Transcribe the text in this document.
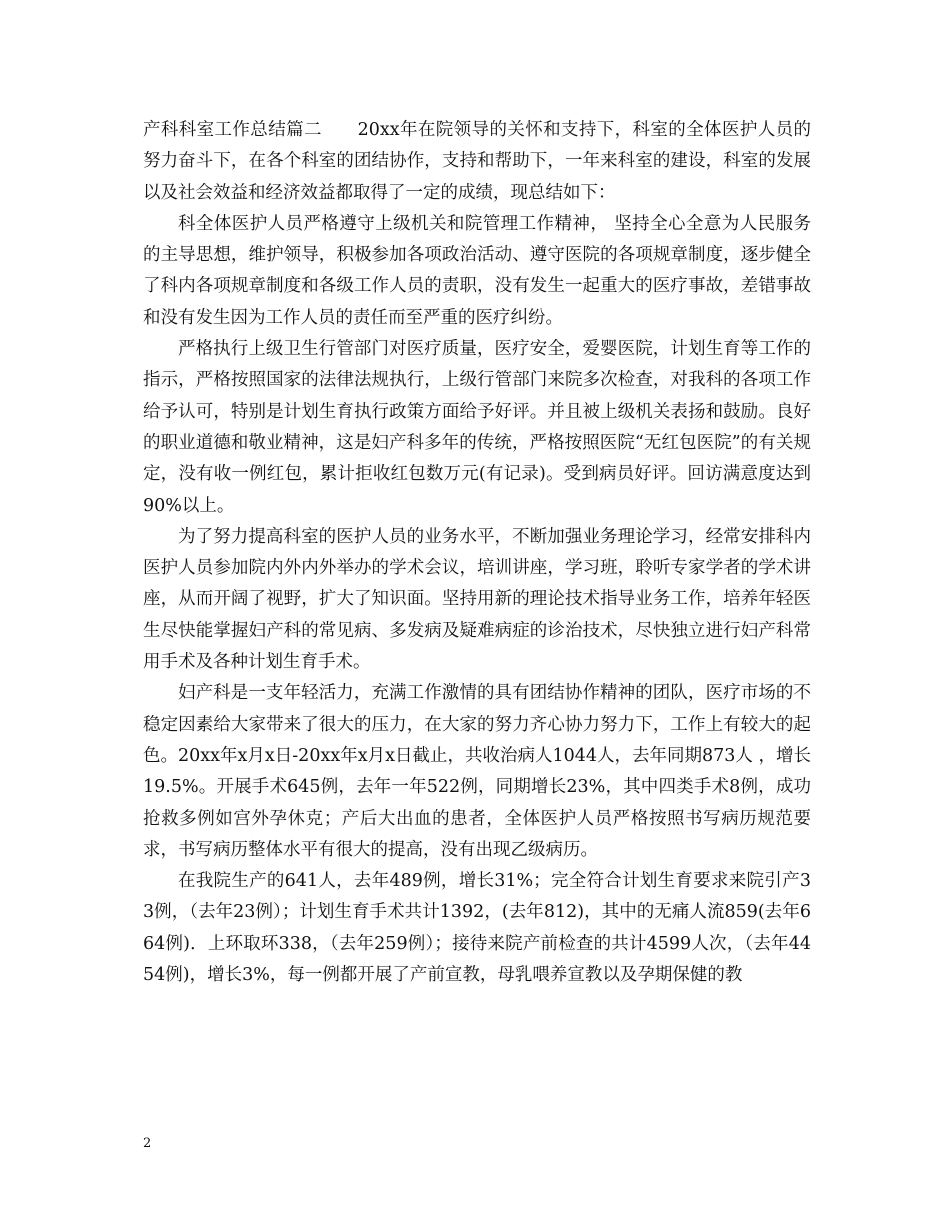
产科科室工作总结篇二　　20xx年在院领导的关怀和支持下，科室的全体医护人员的努力奋斗下，在各个科室的团结协作，支持和帮助下，一年来科室的建设，科室的发展以及社会效益和经济效益都取得了一定的成绩，现总结如下：

科全体医护人员严格遵守上级机关和院管理工作精神， 坚持全心全意为人民服务的主导思想，维护领导，积极参加各项政治活动、遵守医院的各项规章制度，逐步健全了科内各项规章制度和各级工作人员的责职，没有发生一起重大的医疗事故，差错事故和没有发生因为工作人员的责任而至严重的医疗纠纷。

严格执行上级卫生行管部门对医疗质量，医疗安全，爱婴医院，计划生育等工作的指示，严格按照国家的法律法规执行，上级行管部门来院多次检查，对我科的各项工作给予认可，特别是计划生育执行政策方面给予好评。并且被上级机关表扬和鼓励。良好的职业道德和敬业精神，这是妇产科多年的传统，严格按照医院“无红包医院”的有关规定，没有收一例红包，累计拒收红包数万元(有记录)。受到病员好评。回访满意度达到90%以上。

为了努力提高科室的医护人员的业务水平，不断加强业务理论学习，经常安排科内医护人员参加院内外内外举办的学术会议，培训讲座，学习班，聆听专家学者的学术讲座，从而开阔了视野，扩大了知识面。坚持用新的理论技术指导业务工作，培养年轻医生尽快能掌握妇产科的常见病、多发病及疑难病症的诊治技术，尽快独立进行妇产科常用手术及各种计划生育手术。

妇产科是一支年轻活力，充满工作激情的具有团结协作精神的团队，医疗市场的不稳定因素给大家带来了很大的压力，在大家的努力齐心协力努力下，工作上有较大的起色。20xx年x月x日-20xx年x月x日截止，共收治病人1044人，去年同期873人 ，增长19.5%。开展手术645例，去年一年522例，同期增长23%，其中四类手术8例，成功抢救多例如宫外孕休克；产后大出血的患者，全体医护人员严格按照书写病历规范要求，书写病历整体水平有很大的提高，没有出现乙级病历。

在我院生产的641人，去年489例，增长31%；完全符合计划生育要求来院引产33例，（去年23例）；计划生育手术共计1392，(去年812)，其中的无痛人流859(去年664例)．上环取环338，（去年259例）；接待来院产前检查的共计4599人次，（去年4454例)，增长3%，每一例都开展了产前宣教，母乳喂养宣教以及孕期保健的教

2
